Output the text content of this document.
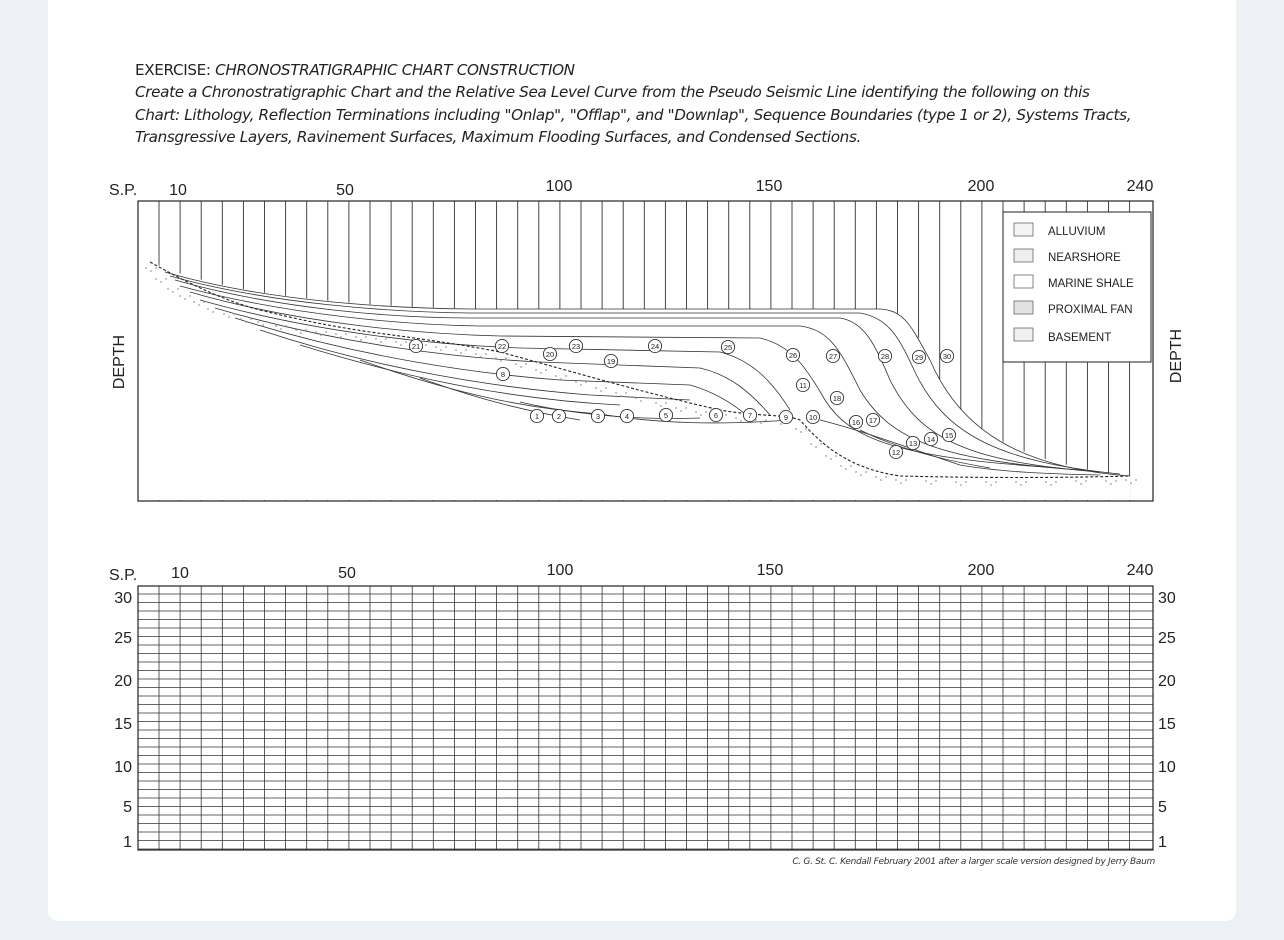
EXERCISE: CHRONOSTRATIGRAPHIC CHART CONSTRUCTION
Create a Chronostratigraphic Chart and the Relative Sea Level Curve from the Pseudo Seismic Line identifying the following on this Chart: Lithology, Reflection Terminations including "Onlap", "Offlap", and "Downlap", Sequence Boundaries (type 1 or 2), Systems Tracts, Transgressive Layers, Ravinement Surfaces, Maximum Flooding Surfaces, and Condensed Sections.
S.P. 10	50	100	150	200	240
1 2	3	4	5	6	7
8
9	10
11
12
13 14 15
16 17
18
19
20
21	22	23	24	25
26	27	28	29	30
ALLUVIUM
NEARSHORE
MARINE SHALE
PROXIMAL FAN
BASEMENT
DEPTH	DEPTH
S.P. 10	50	100	150	200	240
30
25
20
15
10
5
1
30
25
20
15
10
5
1
C. G. St. C. Kendall February 2001 after a larger scale version designed by Jerry Baum
